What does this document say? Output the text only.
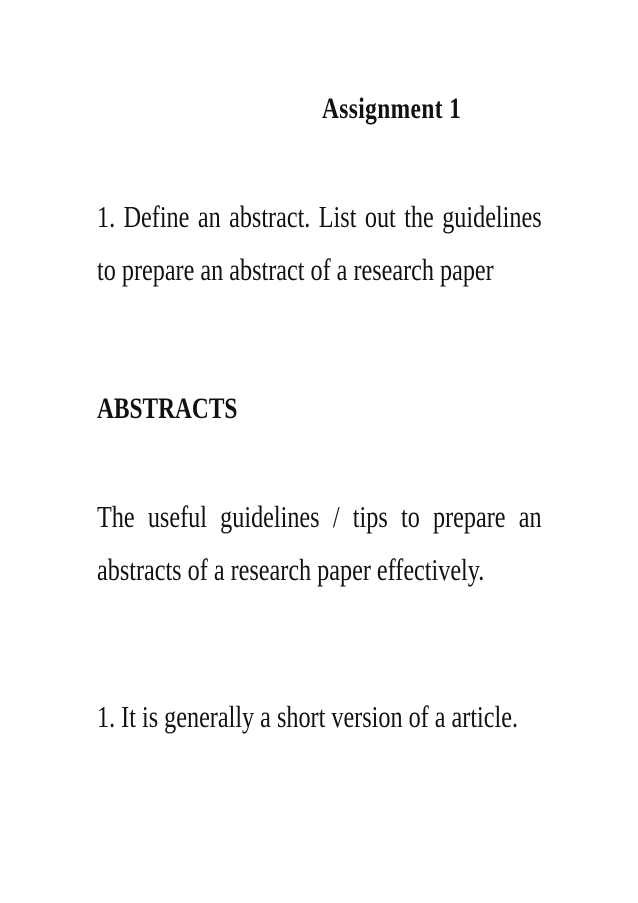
Assignment 1
1. Define an abstract. List out the guidelines to prepare an abstract of a research paper
ABSTRACTS
The useful guidelines / tips to prepare an abstracts of a research paper effectively.
1. It is generally a short version of a article.
